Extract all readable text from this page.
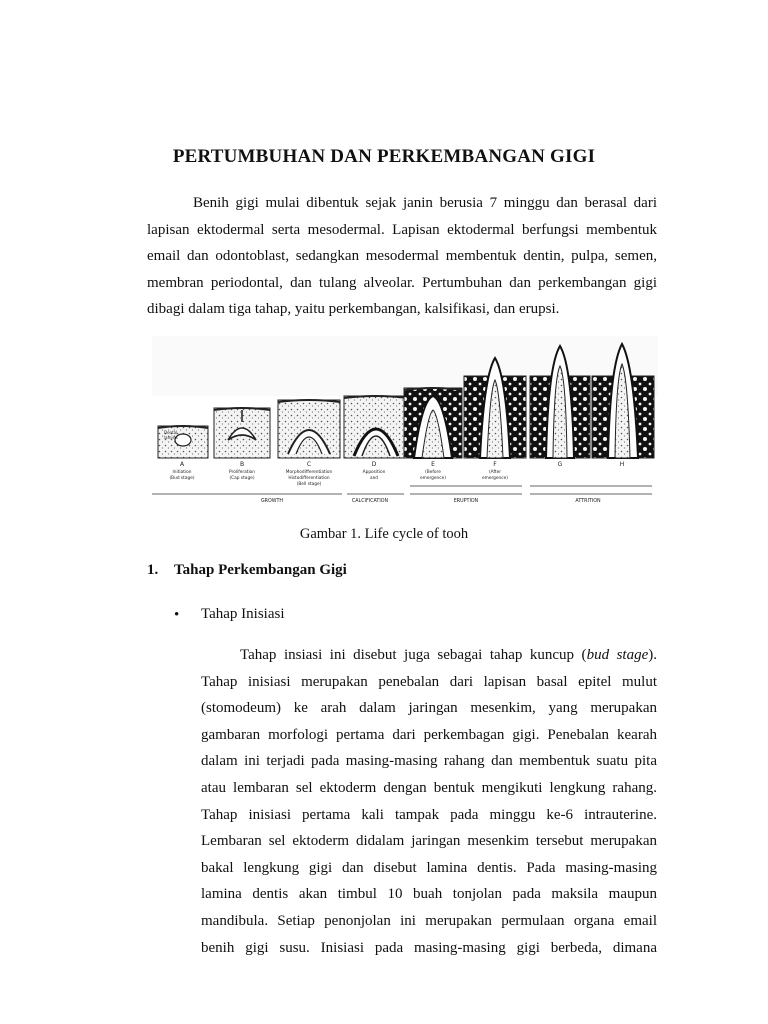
PERTUMBUHAN DAN PERKEMBANGAN GIGI
Benih gigi mulai dibentuk sejak janin berusia 7 minggu dan berasal dari
lapisan ektodermal serta mesodermal. Lapisan ektodermal berfungsi membentuk
email dan odontoblast, sedangkan mesodermal membentuk dentin, pulpa, semen,
membran periodontal, dan tulang alveolar. Pertumbuhan dan perkembangan gigi
dibagi dalam tiga tahap, yaitu perkembangan, kalsifikasi, dan erupsi.
Dental
lamina
A	B	C	D	E	F	G	H
Initiation
(Bud stage)
Proliferation
(Cap stage)
Morphodifferentiation
Histodifferentiation
(Bell stage)
Apposition
and
(Before
emergence)
(After
emergence)
GROWTH	CALCIFICATION	ERUPTION	ATTRITION
Gambar 1. Life cycle of tooh
1. Tahap Perkembangan Gigi
• Tahap Inisiasi
Tahap insiasi ini disebut juga sebagai tahap kuncup (bud stage).
Tahap inisiasi merupakan penebalan dari lapisan basal epitel mulut
(stomodeum) ke arah dalam jaringan mesenkim, yang merupakan
gambaran morfologi pertama dari perkembagan gigi. Penebalan kearah
dalam ini terjadi pada masing-masing rahang dan membentuk suatu pita
atau lembaran sel ektoderm dengan bentuk mengikuti lengkung rahang.
Tahap inisiasi pertama kali tampak pada minggu ke-6 intrauterine.
Lembaran sel ektoderm didalam jaringan mesenkim tersebut merupakan
bakal lengkung gigi dan disebut lamina dentis. Pada masing-masing
lamina dentis akan timbul 10 buah tonjolan pada maksila maupun
mandibula. Setiap penonjolan ini merupakan permulaan organa email
benih gigi susu. Inisiasi pada masing-masing gigi berbeda, dimana
